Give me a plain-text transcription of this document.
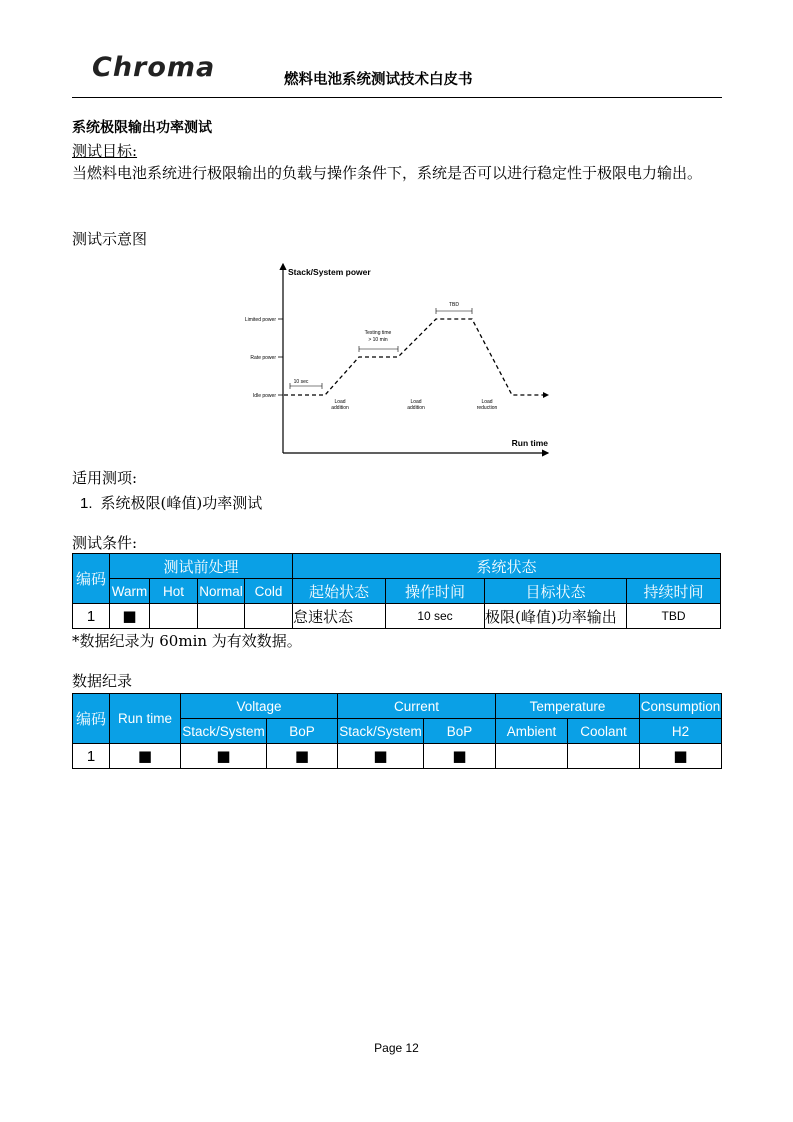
Chroma	燃料电池系统测试技术白皮书
系统极限输出功率测试
测试目标:
当燃料电池系统进行极限输出的负载与操作条件下，系统是否可以进行稳定性于极限电力输出。
测试示意图
Stack/System power
Run time
Limited power
Rate power
Idle power
10 sec
Testing time
> 10 min
TBD
Load
addition
Load
addition
Load
reduction
适用测项:
1. 系统极限(峰值)功率测试
测试条件:
编码	测试前处理				系统状态			
	Warm	Hot	Normal	Cold	起始状态	操作时间	目标状态	持续时间
1	■				怠速状态	10 sec	极限(峰值)功率输出	TBD
*数据纪录为 60min 为有效数据。
数据纪录
编码	Run time	Voltage		Current		Temperature		Consumption
		Stack/System	BoP	Stack/System	BoP	Ambient	Coolant	H2
1	■	■	■	■	■			■
Page 12
